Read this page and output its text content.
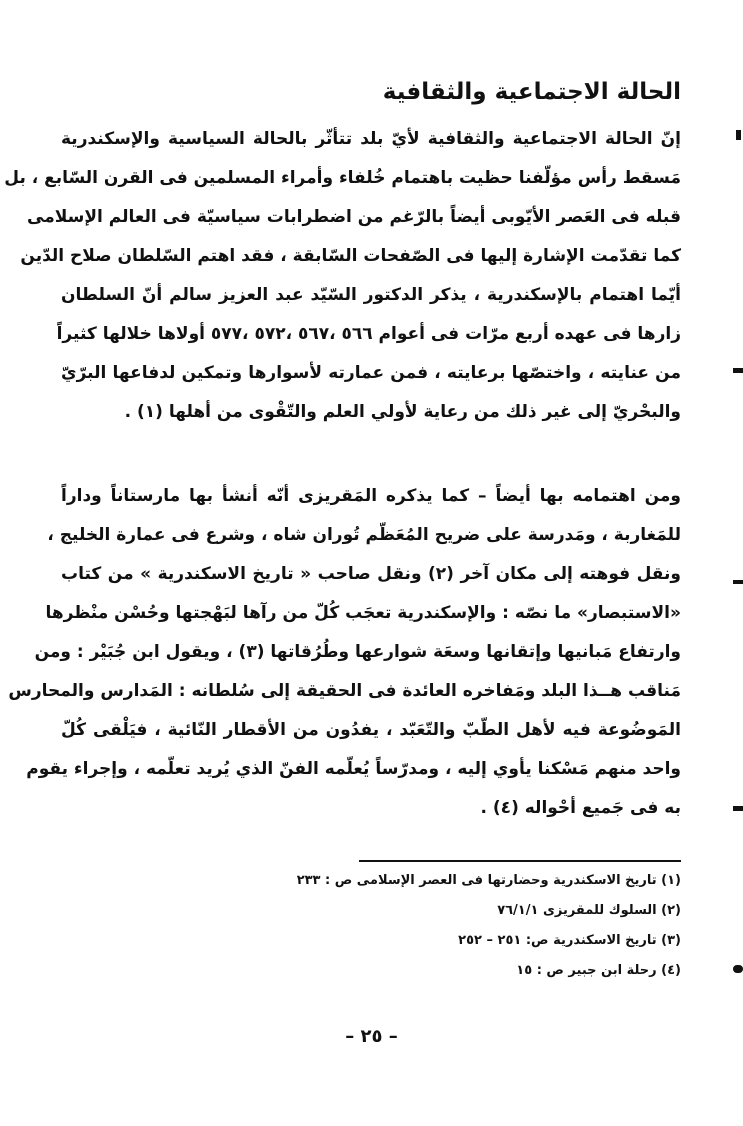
الحالة الاجتماعية والثقافية
إنّ الحالة الاجتماعية والثقافية لأيّ بلد تتأثّر بالحالة السياسية والإسكندرية
مَسقط رأس مؤلّفنا حظيت باهتمام خُلفاء وأمراء المسلمين فى القرن السّابع ، بل
قبله فى العَصر الأيّوبى أيضاً بالرّغم من اضطرابات سياسيّة فى العالم الإسلامى
كما تقدّمت الإشارة إليها فى الصّفحات السّابقة ، فقد اهتم السّلطان صلاح الدّين
أيّما اهتمام بالإسكندرية ، يذكر الدكتور السّيّد عبد العزيز سالم أنّ السلطان
زارها فى عهده أربع مرّات فى أعوام ٥٦٦ ،٥٦٧ ،٥٧٢ ،٥٧٧ أولاها خلالها كثيراً
من عنايته ، واختصّها برعايته ، فمن عمارته لأسوارها وتمكين لدفاعها البرّيّ
والبحْريّ إلى غير ذلك من رعاية لأولي العلم والتّقْوى من أهلها (١) .
ومن اهتمامه بها أيضاً – كما يذكره المَقريزى أنّه أنشأ بها مارستاناً وداراً
للمَغاربة ، ومَدرسة على ضريح المُعَظّم تُوران شاه ، وشرع فى عمارة الخليج ،
ونقل فوهته إلى مكان آخر (٢) ونقل صاحب « تاريخ الاسكندرية » من كتاب
«الاستبصار» ما نصّه : والإسكندرية تعجَب كُلّ من رآها لبَهْجتها وحُسْن منْظرها
وارتفاع مَبانيها وإتقانها وسعَة شوارعها وطُرُقاتها (٣) ، ويقول ابن جُبَيْر : ومن
مَناقب هــذا البلد ومَفاخره العائدة فى الحقيقة إلى سُلطانه : المَدارس والمحارس
المَوضُوعة فيه لأهل الطّبّ والتّعَبّد ، يفدُون من الأقطار النّائية ، فيَلْقى كُلّ
واحد منهم مَسْكنا يأوي إليه ، ومدرّساً يُعلّمه الفنّ الذي يُريد تعلّمه ، وإجراء يقوم
به فى جَميع أحْواله (٤) .
(١) تاريخ الاسكندرية وحضارتها فى العصر الإسلامى ص : ٢٣٣
(٢) السلوك للمقريزى ٧٦/١/١
(٣) تاريخ الاسكندرية ص: ٢٥١ – ٢٥٢
(٤) رحلة ابن جبير ص : ١٥
– ٢٥ –
